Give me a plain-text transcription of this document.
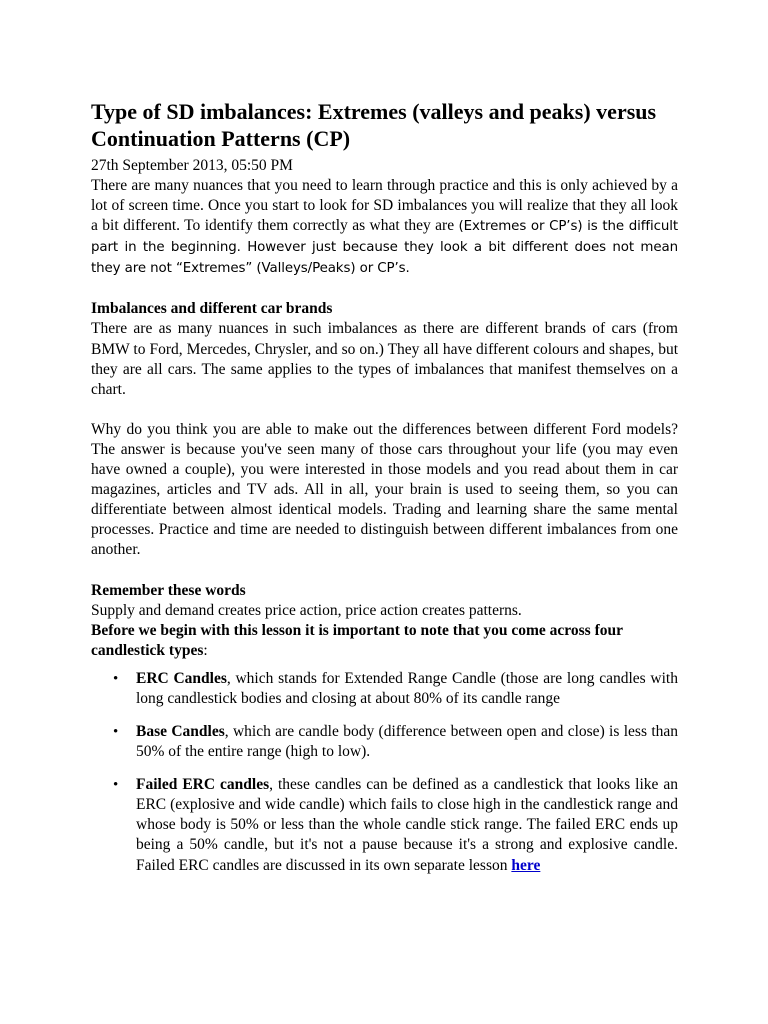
Type of SD imbalances: Extremes (valleys and peaks) versus Continuation Patterns (CP)
27th September 2013, 05:50 PM

There are many nuances that you need to learn through practice and this is only achieved by a lot of screen time. Once you start to look for SD imbalances you will realize that they all look a bit different. To identify them correctly as what they are (Extremes or CP’s) is the difficult part in the beginning. However just because they look a bit different does not mean they are not “Extremes” (Valleys/Peaks) or CP’s.

Imbalances and different car brands

There are as many nuances in such imbalances as there are different brands of cars (from BMW to Ford, Mercedes, Chrysler, and so on.) They all have different colours and shapes, but they are all cars. The same applies to the types of imbalances that manifest themselves on a chart.

Why do you think you are able to make out the differences between different Ford models? The answer is because you've seen many of those cars throughout your life (you may even have owned a couple), you were interested in those models and you read about them in car magazines, articles and TV ads. All in all, your brain is used to seeing them, so you can differentiate between almost identical models. Trading and learning share the same mental processes. Practice and time are needed to distinguish between different imbalances from one another.

Remember these words

Supply and demand creates price action, price action creates patterns.

Before we begin with this lesson it is important to note that you come across four candlestick types:

• ERC Candles, which stands for Extended Range Candle (those are long candles with long candlestick bodies and closing at about 80% of its candle range
• Base Candles, which are candle body (difference between open and close) is less than 50% of the entire range (high to low).
• Failed ERC candles, these candles can be defined as a candlestick that looks like an ERC (explosive and wide candle) which fails to close high in the candlestick range and whose body is 50% or less than the whole candle stick range. The failed ERC ends up being a 50% candle, but it's not a pause because it's a strong and explosive candle. Failed ERC candles are discussed in its own separate lesson here
